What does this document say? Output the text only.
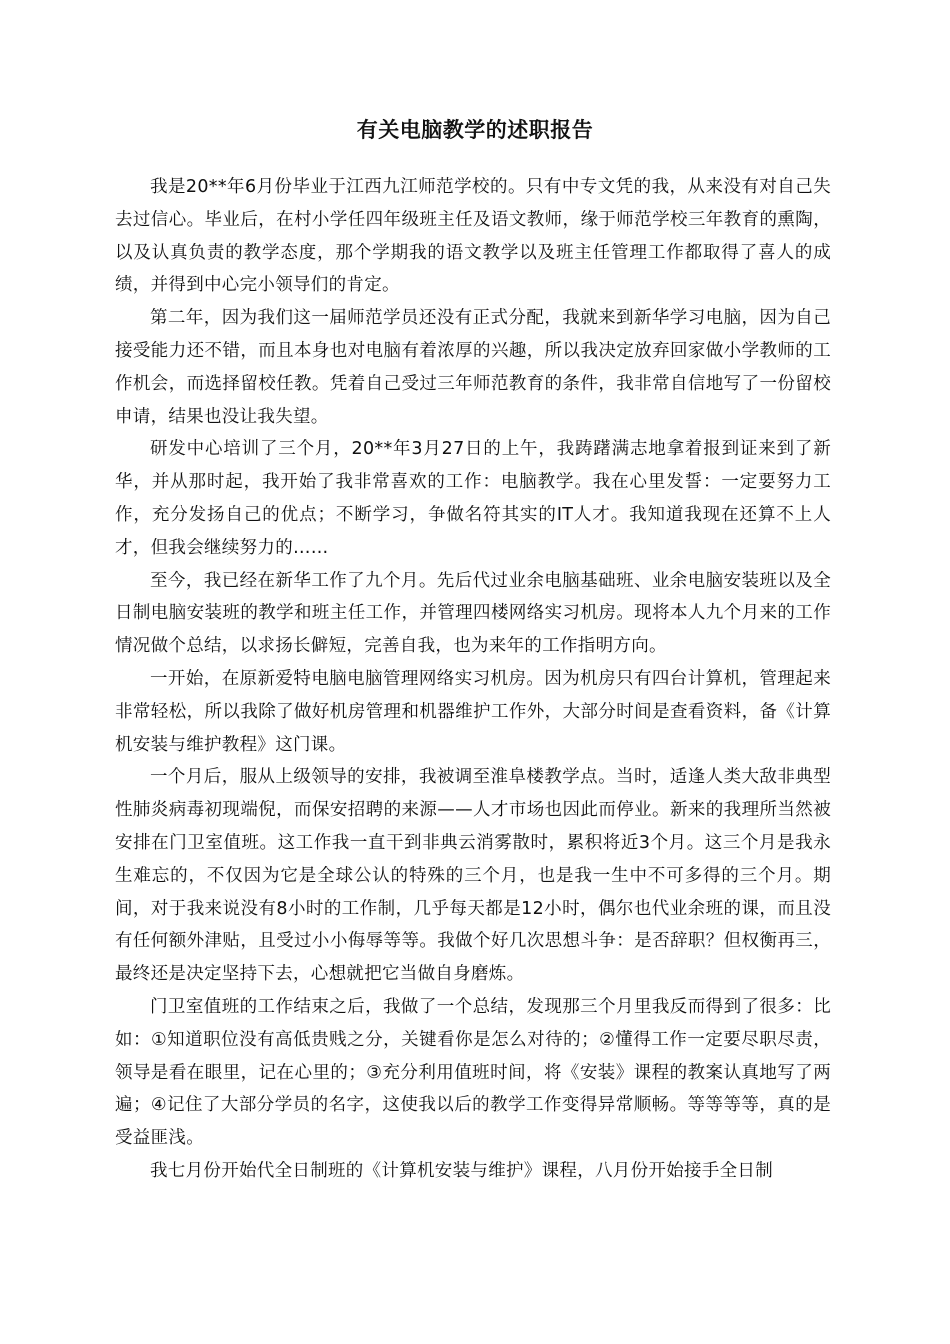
有关电脑教学的述职报告

我是20**年6月份毕业于江西九江师范学校的。只有中专文凭的我，从来没有对自己失去过信心。毕业后，在村小学任四年级班主任及语文教师，缘于师范学校三年教育的熏陶，以及认真负责的教学态度，那个学期我的语文教学以及班主任管理工作都取得了喜人的成绩，并得到中心完小领导们的肯定。

第二年，因为我们这一届师范学员还没有正式分配，我就来到新华学习电脑，因为自己接受能力还不错，而且本身也对电脑有着浓厚的兴趣，所以我决定放弃回家做小学教师的工作机会，而选择留校任教。凭着自己受过三年师范教育的条件，我非常自信地写了一份留校申请，结果也没让我失望。

研发中心培训了三个月，20**年3月27日的上午，我踌躇满志地拿着报到证来到了新华，并从那时起，我开始了我非常喜欢的工作：电脑教学。我在心里发誓：一定要努力工作，充分发扬自己的优点；不断学习，争做名符其实的IT人才。我知道我现在还算不上人才，但我会继续努力的……

至今，我已经在新华工作了九个月。先后代过业余电脑基础班、业余电脑安装班以及全日制电脑安装班的教学和班主任工作，并管理四楼网络实习机房。现将本人九个月来的工作情况做个总结，以求扬长僻短，完善自我，也为来年的工作指明方向。

一开始，在原新爱特电脑电脑管理网络实习机房。因为机房只有四台计算机，管理起来非常轻松，所以我除了做好机房管理和机器维护工作外，大部分时间是查看资料，备《计算机安装与维护教程》这门课。

一个月后，服从上级领导的安排，我被调至淮阜楼教学点。当时，适逢人类大敌非典型性肺炎病毒初现端倪，而保安招聘的来源——人才市场也因此而停业。新来的我理所当然被安排在门卫室值班。这工作我一直干到非典云消雾散时，累积将近3个月。这三个月是我永生难忘的，不仅因为它是全球公认的特殊的三个月，也是我一生中不可多得的三个月。期间，对于我来说没有8小时的工作制，几乎每天都是12小时，偶尔也代业余班的课，而且没有任何额外津贴，且受过小小侮辱等等。我做个好几次思想斗争：是否辞职？但权衡再三，最终还是决定坚持下去，心想就把它当做自身磨炼。

门卫室值班的工作结束之后，我做了一个总结，发现那三个月里我反而得到了很多：比如：①知道职位没有高低贵贱之分，关键看你是怎么对待的；②懂得工作一定要尽职尽责，领导是看在眼里，记在心里的；③充分利用值班时间，将《安装》课程的教案认真地写了两遍；④记住了大部分学员的名字，这使我以后的教学工作变得异常顺畅。等等等等，真的是受益匪浅。

我七月份开始代全日制班的《计算机安装与维护》课程，八月份开始接手全日制
